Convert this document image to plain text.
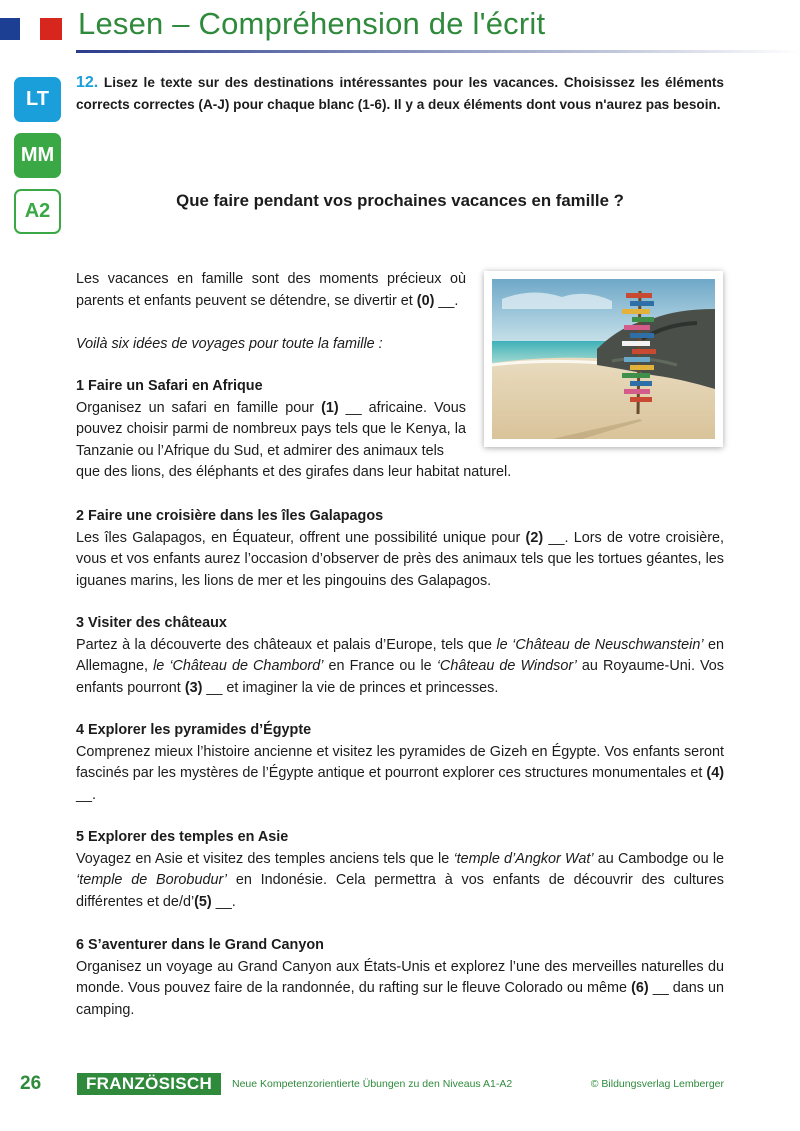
Lesen – Compréhension de l'écrit
LT
MM
A2

12. Lisez le texte sur des destinations intéressantes pour les vacances. Choisissez les éléments corrects correctes (A-J) pour chaque blanc (1-6). Il y a deux éléments dont vous n'aurez pas besoin.

Que faire pendant vos prochaines vacances en famille ?

Les vacances en famille sont des moments précieux où parents et enfants peuvent se détendre, se divertir et (0) __.

Voilà six idées de voyages pour toute la famille :

1 Faire un Safari en Afrique
Organisez un safari en famille pour (1) __ africaine. Vous pouvez choisir parmi de nombreux pays tels que le Kenya, la Tanzanie ou l’Afrique du Sud, et admirer des animaux tels

que des lions, des éléphants et des girafes dans leur habitat naturel.

2 Faire une croisière dans les îles Galapagos
Les îles Galapagos, en Équateur, offrent une possibilité unique pour (2) __. Lors de votre croisière, vous et vos enfants aurez l’occasion d’observer de près des animaux tels que les tortues géantes, les iguanes marins, les lions de mer et les pingouins des Galapagos.
3 Visiter des châteaux
Partez à la découverte des châteaux et palais d’Europe, tels que le ‘Château de Neuschwanstein’ en Allemagne, le ‘Château de Chambord’ en France ou le ‘Château de Windsor’ au Royaume-Uni. Vos enfants pourront (3) __ et imaginer la vie de princes et princesses.
4 Explorer les pyramides d’Égypte
Comprenez mieux l’histoire ancienne et visitez les pyramides de Gizeh en Égypte. Vos enfants seront fascinés par les mystères de l’Égypte antique et pourront explorer ces structures monumentales et (4) __.
5 Explorer des temples en Asie
Voyagez en Asie et visitez des temples anciens tels que le ‘temple d’Angkor Wat’ au Cambodge ou le ‘temple de Borobudur’ en Indonésie. Cela permettra à vos enfants de découvrir des cultures différentes et de/d’(5) __.
6 S’aventurer dans le Grand Canyon
Organisez un voyage au Grand Canyon aux États-Unis et explorez l’une des merveilles naturelles du monde. Vous pouvez faire de la randonnée, du rafting sur le fleuve Colorado ou même (6) __ dans un camping.

26	FRANZÖSISCH	Neue Kompetenzorientierte Übungen zu den Niveaus A1-A2	© Bildungsverlag Lemberger
